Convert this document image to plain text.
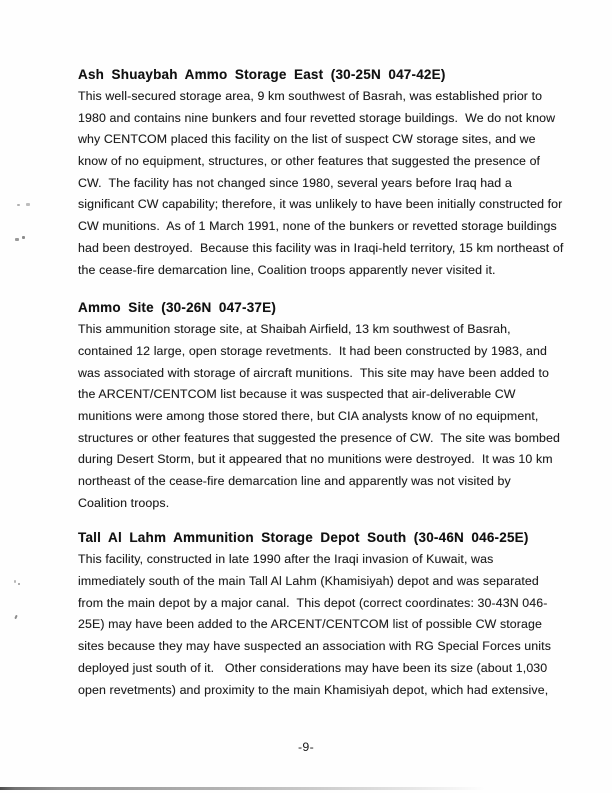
Ash Shuaybah Ammo Storage East (30-25N 047-42E)
This well-secured storage area, 9 km southwest of Basrah, was established prior to
1980 and contains nine bunkers and four revetted storage buildings.  We do not know
why CENTCOM placed this facility on the list of suspect CW storage sites, and we
know of no equipment, structures, or other features that suggested the presence of
CW.  The facility has not changed since 1980, several years before Iraq had a
significant CW capability; therefore, it was unlikely to have been initially constructed for
CW munitions.  As of 1 March 1991, none of the bunkers or revetted storage buildings
had been destroyed.  Because this facility was in Iraqi-held territory, 15 km northeast of
the cease-fire demarcation line, Coalition troops apparently never visited it.
Ammo Site (30-26N 047-37E)
This ammunition storage site, at Shaibah Airfield, 13 km southwest of Basrah,
contained 12 large, open storage revetments.  It had been constructed by 1983, and
was associated with storage of aircraft munitions.  This site may have been added to
the ARCENT/CENTCOM list because it was suspected that air-deliverable CW
munitions were among those stored there, but CIA analysts know of no equipment,
structures or other features that suggested the presence of CW.  The site was bombed
during Desert Storm, but it appeared that no munitions were destroyed.  It was 10 km
northeast of the cease-fire demarcation line and apparently was not visited by
Coalition troops.
Tall Al Lahm Ammunition Storage Depot South (30-46N 046-25E)
This facility, constructed in late 1990 after the Iraqi invasion of Kuwait, was
immediately south of the main Tall Al Lahm (Khamisiyah) depot and was separated
from the main depot by a major canal.  This depot (correct coordinates: 30-43N 046-
25E) may have been added to the ARCENT/CENTCOM list of possible CW storage
sites because they may have suspected an association with RG Special Forces units
deployed just south of it.   Other considerations may have been its size (about 1,030
open revetments) and proximity to the main Khamisiyah depot, which had extensive,
-9-
